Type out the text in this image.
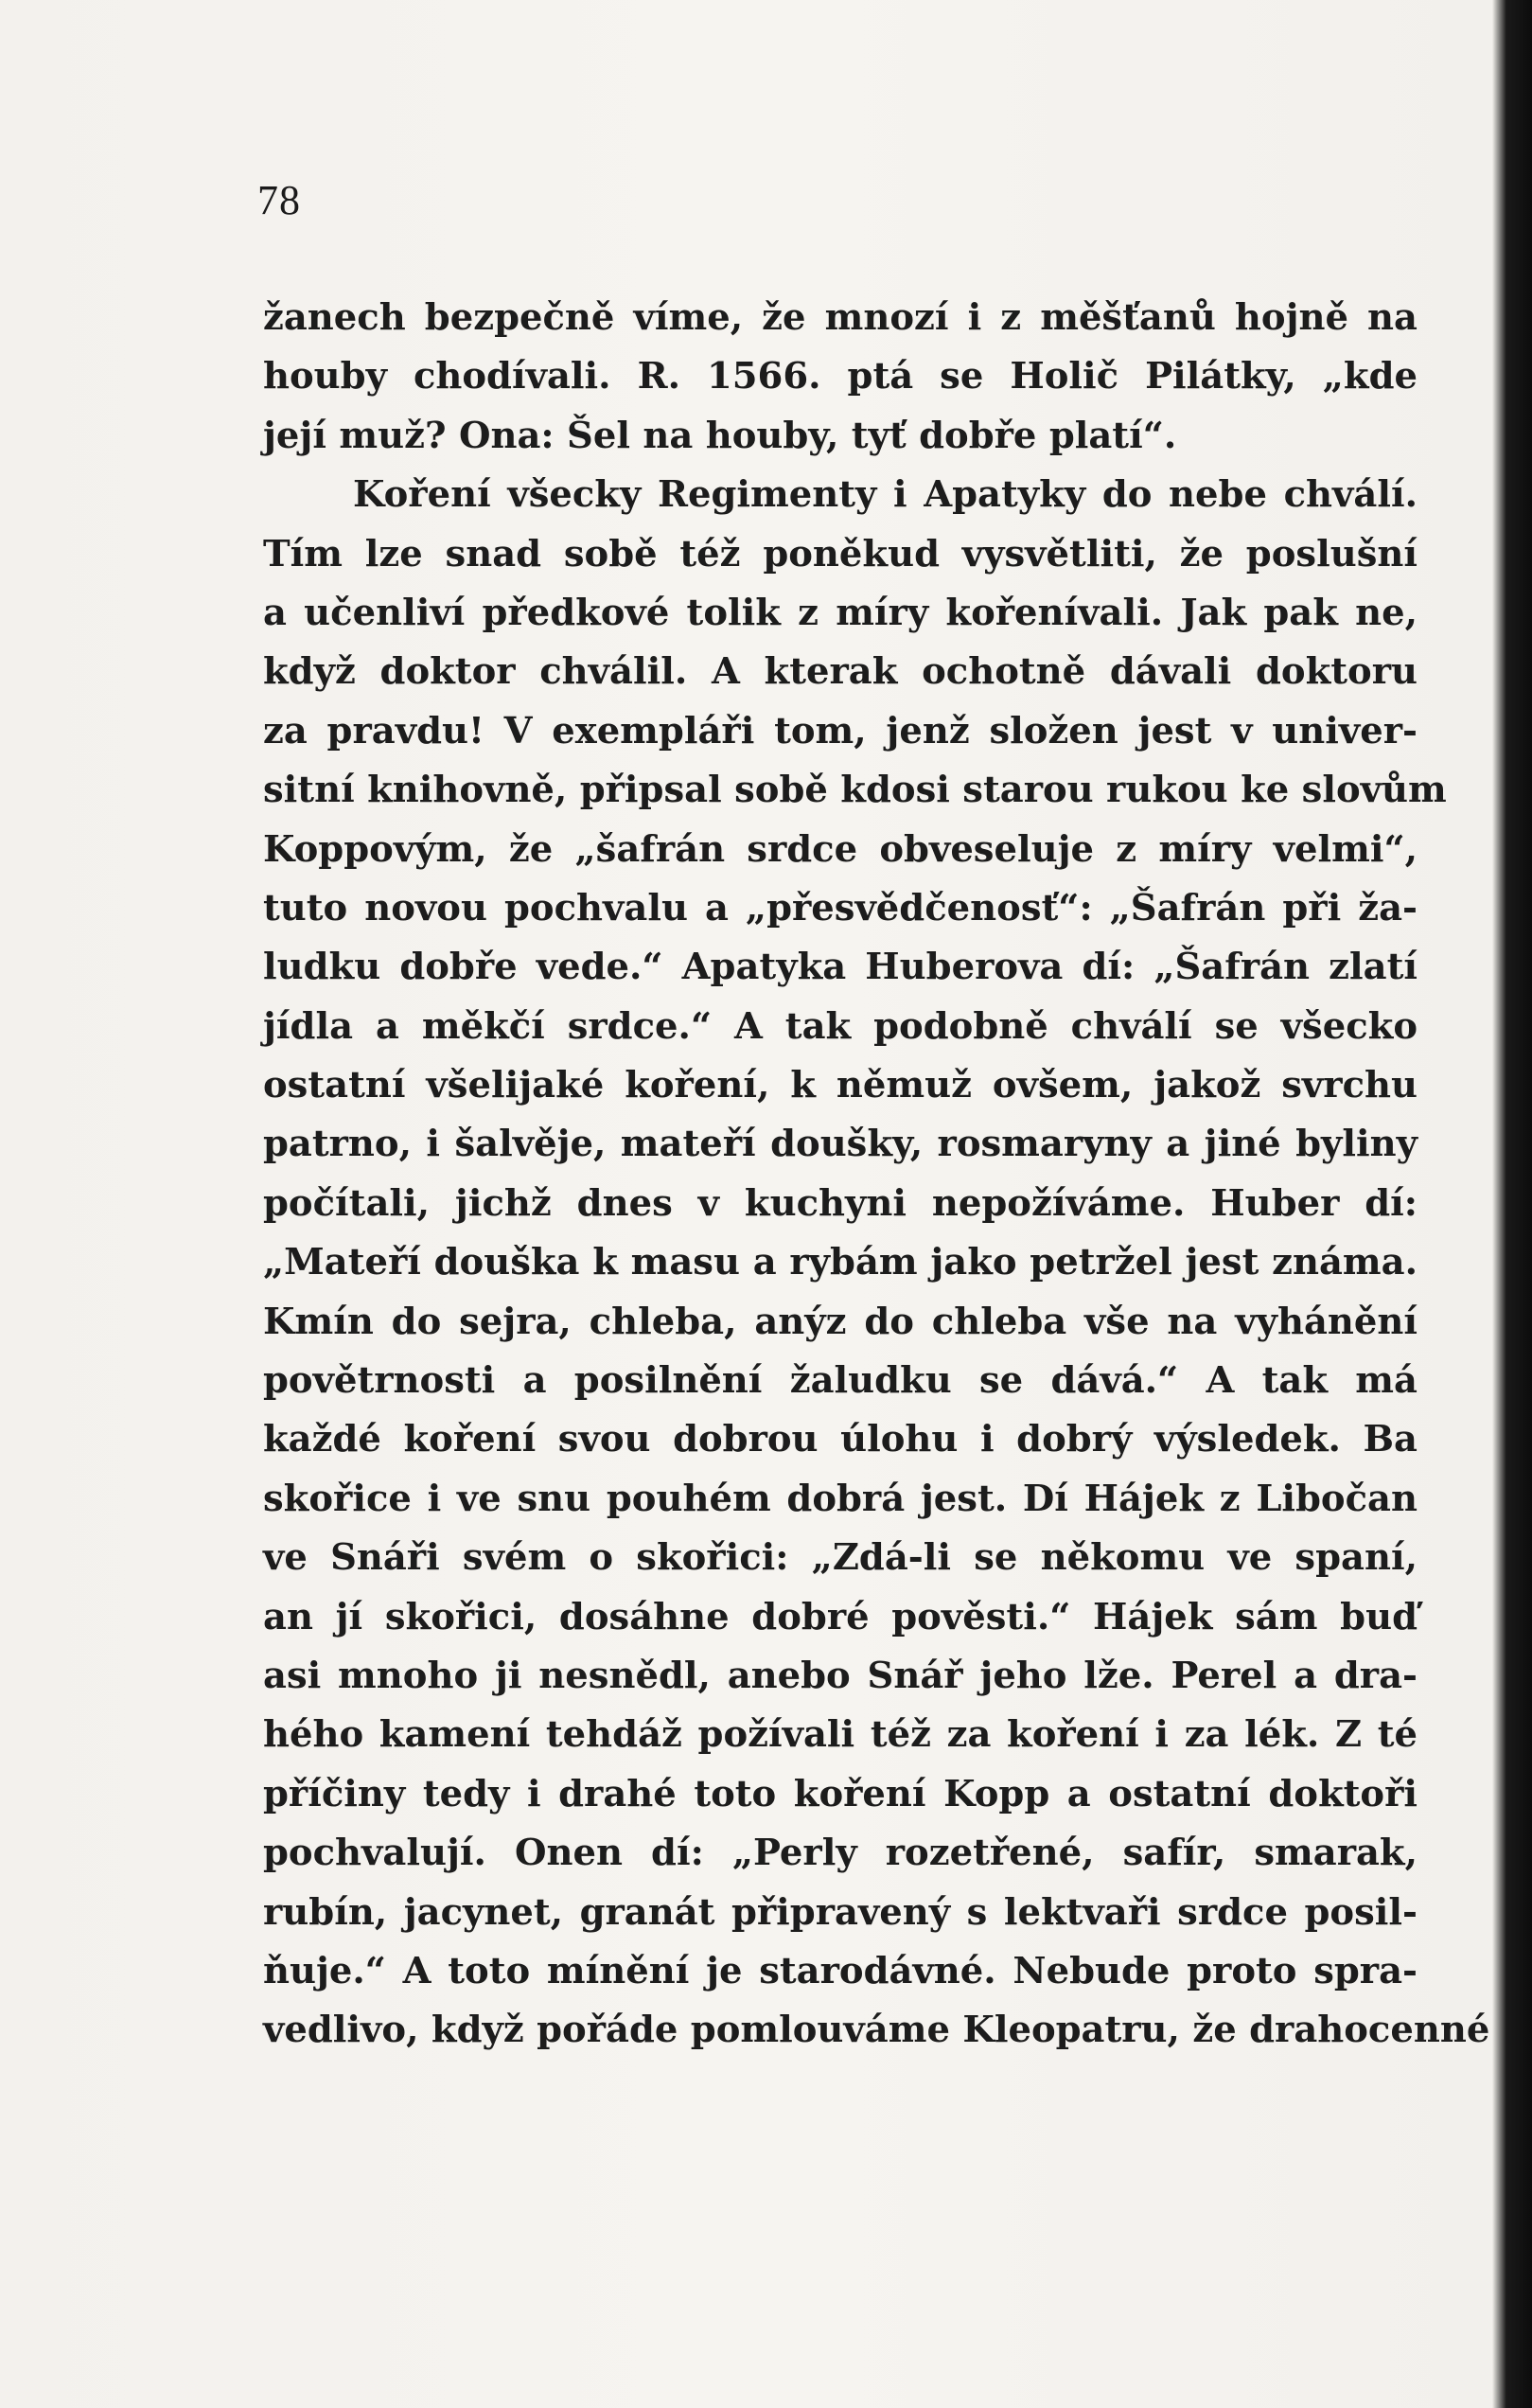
78
žanech bezpečně víme, že mnozí i z měšťanů hojně na
houby chodívali. R. 1566. ptá se Holič Pilátky, „kde
její muž? Ona: Šel na houby, tyť dobře platí“.
Koření všecky Regimenty i Apatyky do nebe chválí.
Tím lze snad sobě též poněkud vysvětliti, že poslušní
a učenliví předkové tolik z míry kořenívali. Jak pak ne,
když doktor chválil. A kterak ochotně dávali doktoru
za pravdu! V exempláři tom, jenž složen jest v univer-
sitní knihovně, připsal sobě kdosi starou rukou ke slovům
Koppovým, že „šafrán srdce obveseluje z míry velmi“,
tuto novou pochvalu a „přesvědčenosť“: „Šafrán při ža-
ludku dobře vede.“ Apatyka Huberova dí: „Šafrán zlatí
jídla a měkčí srdce.“ A tak podobně chválí se všecko
ostatní všelijaké koření, k němuž ovšem, jakož svrchu
patrno, i šalvěje, mateří doušky, rosmaryny a jiné byliny
počítali, jichž dnes v kuchyni nepožíváme. Huber dí:
„Mateří douška k masu a rybám jako petržel jest známa.
Kmín do sejra, chleba, anýz do chleba vše na vyhánění
povětrnosti a posilnění žaludku se dává.“ A tak má
každé koření svou dobrou úlohu i dobrý výsledek. Ba
skořice i ve snu pouhém dobrá jest. Dí Hájek z Libočan
ve Snáři svém o skořici: „Zdá-li se někomu ve spaní,
an jí skořici, dosáhne dobré pověsti.“ Hájek sám buď
asi mnoho ji nesnědl, anebo Snář jeho lže. Perel a dra-
hého kamení tehdáž požívali též za koření i za lék. Z té
příčiny tedy i drahé toto koření Kopp a ostatní doktoři
pochvalují. Onen dí: „Perly rozetřené, safír, smarak,
rubín, jacynet, granát připravený s lektvaři srdce posil-
ňuje.“ A toto mínění je starodávné. Nebude proto spra-
vedlivo, když pořáde pomlouváme Kleopatru, že drahocenné
